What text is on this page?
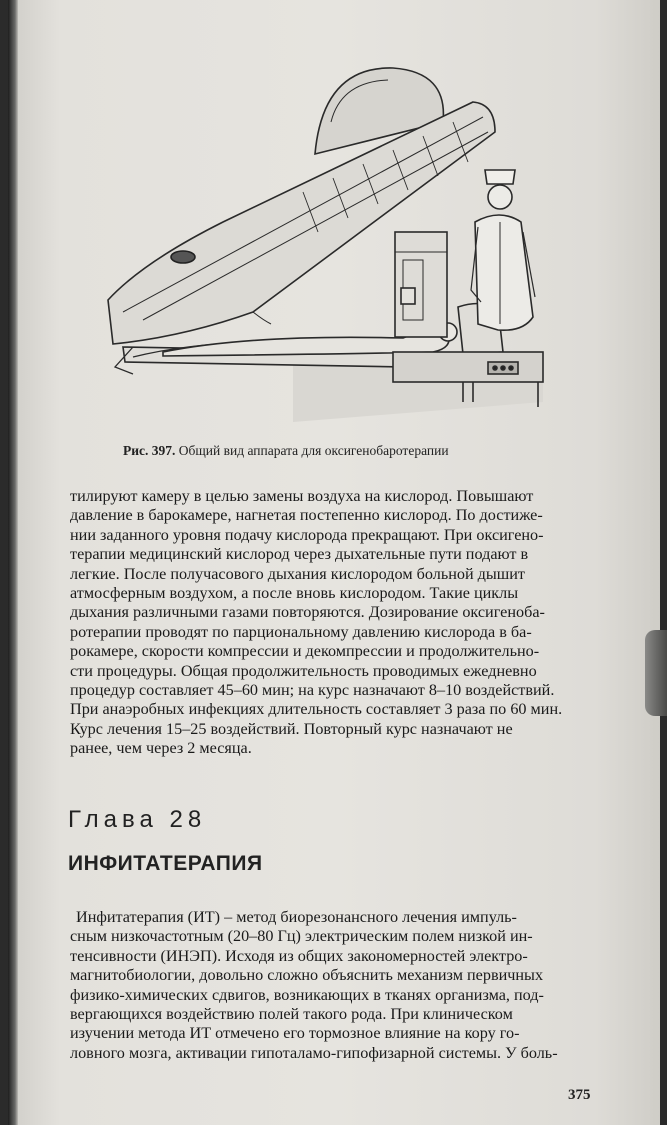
Рис. 397. Общий вид аппарата для оксигенобаротерапии

тилируют камеру в целью замены воздуха на кислород. Повышают

давление в барокамере, нагнетая постепенно кислород. По достиже-

нии заданного уровня подачу кислорода прекращают. При оксигено-

терапии медицинский кислород через дыхательные пути подают в

легкие. После получасового дыхания кислородом больной дышит

атмосферным воздухом, а после вновь кислородом. Такие циклы

дыхания различными газами повторяются. Дозирование оксигеноба-

ротерапии проводят по парциональному давлению кислорода в ба-

рокамере, скорости компрессии и декомпрессии и продолжительно-

сти процедуры. Общая продолжительность проводимых ежедневно

процедур составляет 45–60 мин; на курс назначают 8–10 воздействий.

При анаэробных инфекциях длительность составляет 3 раза по 60 мин.

Курс лечения 15–25 воздействий. Повторный курс назначают не

ранее, чем через 2 месяца.

Глава 28
ИНФИТАТЕРАПИЯ

Инфитатерапия (ИТ) – метод биорезонансного лечения импуль-

сным низкочастотным (20–80 Гц) электрическим полем низкой ин-

тенсивности (ИНЭП). Исходя из общих закономерностей электро-

магнитобиологии, довольно сложно объяснить механизм первичных

физико-химических сдвигов, возникающих в тканях организма, под-

вергающихся воздействию полей такого рода. При клиническом

изучении метода ИТ отмечено его тормозное влияние на кору го-

ловного мозга, активации гипоталамо-гипофизарной системы. У боль-

375
